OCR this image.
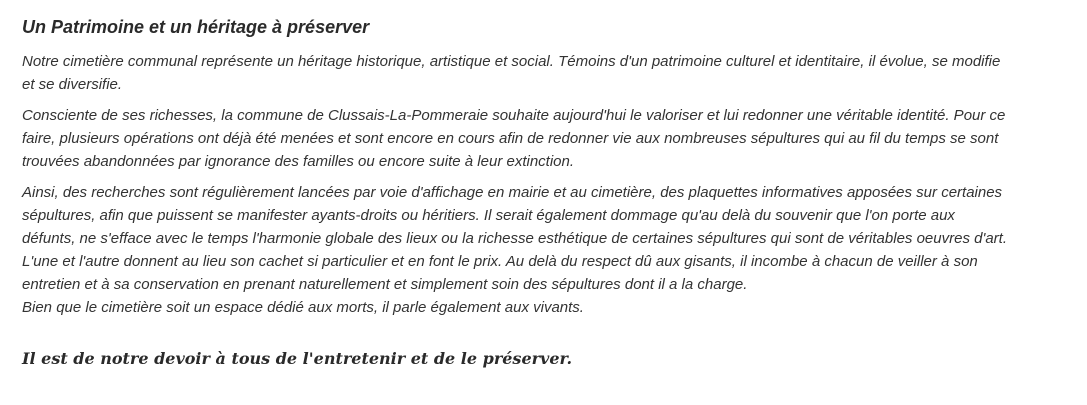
Un Patrimoine et un héritage à préserver

Notre cimetière communal représente un héritage historique, artistique et social. Témoins d'un patrimoine culturel et identitaire, il évolue, se modifie
et se diversifie.

Consciente de ses richesses, la commune de Clussais-La-Pommeraie souhaite aujourd'hui le valoriser et lui redonner une véritable identité. Pour ce
faire, plusieurs opérations ont déjà été menées et sont encore en cours afin de redonner vie aux nombreuses sépultures qui au fil du temps se sont
trouvées abandonnées par ignorance des familles ou encore suite à leur extinction.

Ainsi, des recherches sont régulièrement lancées par voie d'affichage en mairie et au cimetière, des plaquettes informatives apposées sur certaines
sépultures, afin que puissent se manifester ayants-droits ou héritiers. Il serait également dommage qu'au delà du souvenir que l'on porte aux
défunts, ne s'efface avec le temps l'harmonie globale des lieux ou la richesse esthétique de certaines sépultures qui sont de véritables oeuvres d'art.
L'une et l'autre donnent au lieu son cachet si particulier et en font le prix. Au delà du respect dû aux gisants, il incombe à chacun de veiller à son
entretien et à sa conservation en prenant naturellement et simplement soin des sépultures dont il a la charge.
Bien que le cimetière soit un espace dédié aux morts, il parle également aux vivants.

Il est de notre devoir à tous de l'entretenir et de le préserver.
